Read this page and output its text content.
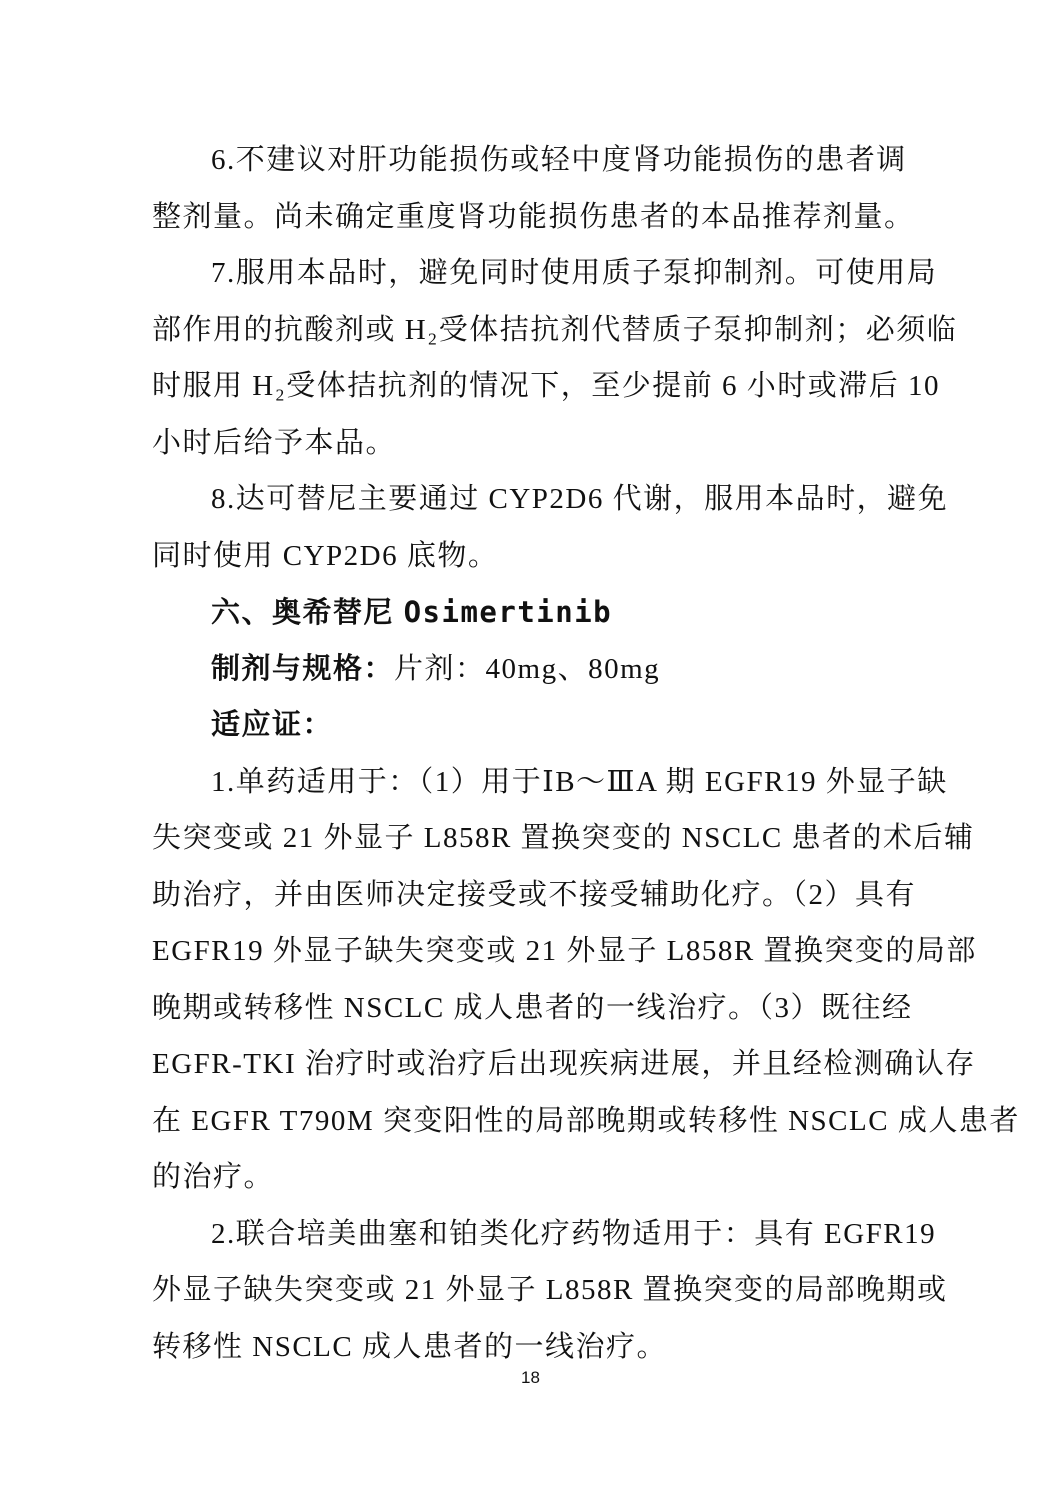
6.不建议对肝功能损伤或轻中度肾功能损伤的患者调
整剂量。尚未确定重度肾功能损伤患者的本品推荐剂量。
7.服用本品时，避免同时使用质子泵抑制剂。可使用局
部作用的抗酸剂或 H₂受体拮抗剂代替质子泵抑制剂；必须临
时服用 H₂受体拮抗剂的情况下，至少提前 6 小时或滞后 10
小时后给予本品。
8.达可替尼主要通过 CYP2D6 代谢，服用本品时，避免
同时使用 CYP2D6 底物。
六、奥希替尼 Osimertinib
制剂与规格：片剂：40mg、80mg
适应证：
1.单药适用于：（1）用于ⅠB～ⅢA 期 EGFR19 外显子缺
失突变或 21 外显子 L858R 置换突变的 NSCLC 患者的术后辅
助治疗，并由医师决定接受或不接受辅助化疗。（2）具有
EGFR19 外显子缺失突变或 21 外显子 L858R 置换突变的局部
晚期或转移性 NSCLC 成人患者的一线治疗。（3）既往经
EGFR-TKI 治疗时或治疗后出现疾病进展，并且经检测确认存
在 EGFR T790M 突变阳性的局部晚期或转移性 NSCLC 成人患者
的治疗。
2.联合培美曲塞和铂类化疗药物适用于：具有 EGFR19
外显子缺失突变或 21 外显子 L858R 置换突变的局部晚期或
转移性 NSCLC 成人患者的一线治疗。
18
